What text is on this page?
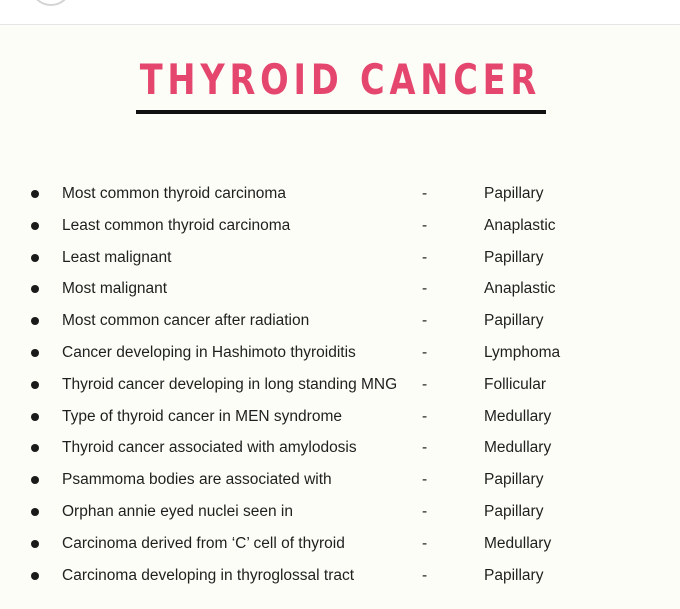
THYROID CANCER
Most common thyroid carcinoma	-	Papillary
Least common thyroid carcinoma	-	Anaplastic
Least malignant	-	Papillary
Most malignant	-	Anaplastic
Most common cancer after radiation	-	Papillary
Cancer developing in Hashimoto thyroiditis	-	Lymphoma
Thyroid cancer developing in long standing MNG -	Follicular
Type of thyroid cancer in MEN syndrome	-	Medullary
Thyroid cancer associated with amylodosis	-	Medullary
Psammoma bodies are associated with	-	Papillary
Orphan annie eyed nuclei seen in	-	Papillary
Carcinoma derived from ‘C’ cell of thyroid	-	Medullary
Carcinoma developing in thyroglossal tract	-	Papillary
